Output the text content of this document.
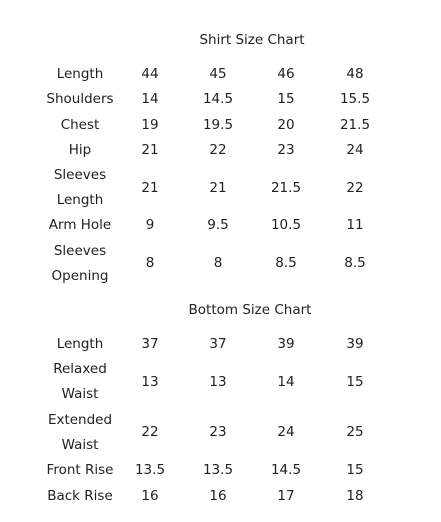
Shirt Size Chart
Length	44	45	46	48
Shoulders	14	14.5	15	15.5
Chest	19	19.5	20	21.5
Hip	21	22	23	24
Sleeves
Length
21	21	21.5	22
Arm Hole	9	9.5	10.5	11
Sleeves
Opening
8	8	8.5	8.5
Bottom Size Chart
Length	37	37	39	39
Relaxed
Waist
13	13	14	15
Extended
Waist
22	23	24	25
Front Rise	13.5	13.5	14.5	15
Back Rise	16	16	17	18
